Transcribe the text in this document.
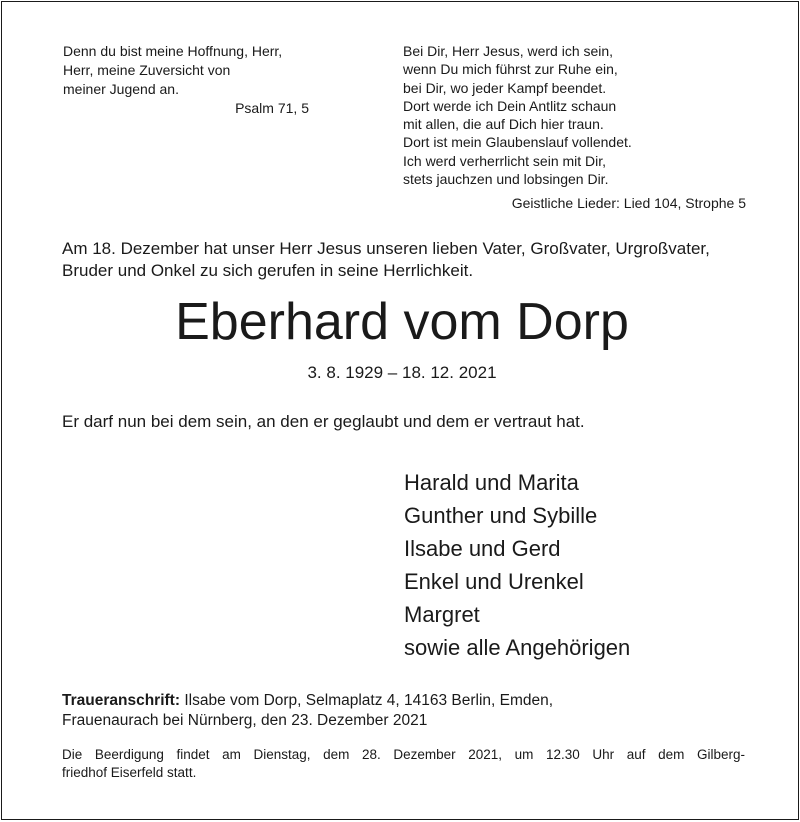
Denn du bist meine Hoffnung, Herr,
Herr, meine Zuversicht von
meiner Jugend an.
Psalm 71, 5
Bei Dir, Herr Jesus, werd ich sein,
wenn Du mich führst zur Ruhe ein,
bei Dir, wo jeder Kampf beendet.
Dort werde ich Dein Antlitz schaun
mit allen, die auf Dich hier traun.
Dort ist mein Glaubenslauf vollendet.
Ich werd verherrlicht sein mit Dir,
stets jauchzen und lobsingen Dir.
Geistliche Lieder: Lied 104, Strophe 5
Am 18. Dezember hat unser Herr Jesus unseren lieben Vater, Großvater, Urgroßvater,
Bruder und Onkel zu sich gerufen in seine Herrlichkeit.
Eberhard vom Dorp
3. 8. 1929 – 18. 12. 2021
Er darf nun bei dem sein, an den er geglaubt und dem er vertraut hat.
Harald und Marita
Gunther und Sybille
Ilsabe und Gerd
Enkel und Urenkel
Margret
sowie alle Angehörigen
Traueranschrift: Ilsabe vom Dorp, Selmaplatz 4, 14163 Berlin, Emden,
Frauenaurach bei Nürnberg, den 23. Dezember 2021
Die Beerdigung findet am Dienstag, dem 28. Dezember 2021, um 12.30 Uhr auf dem Gilberg-
friedhof Eiserfeld statt.
